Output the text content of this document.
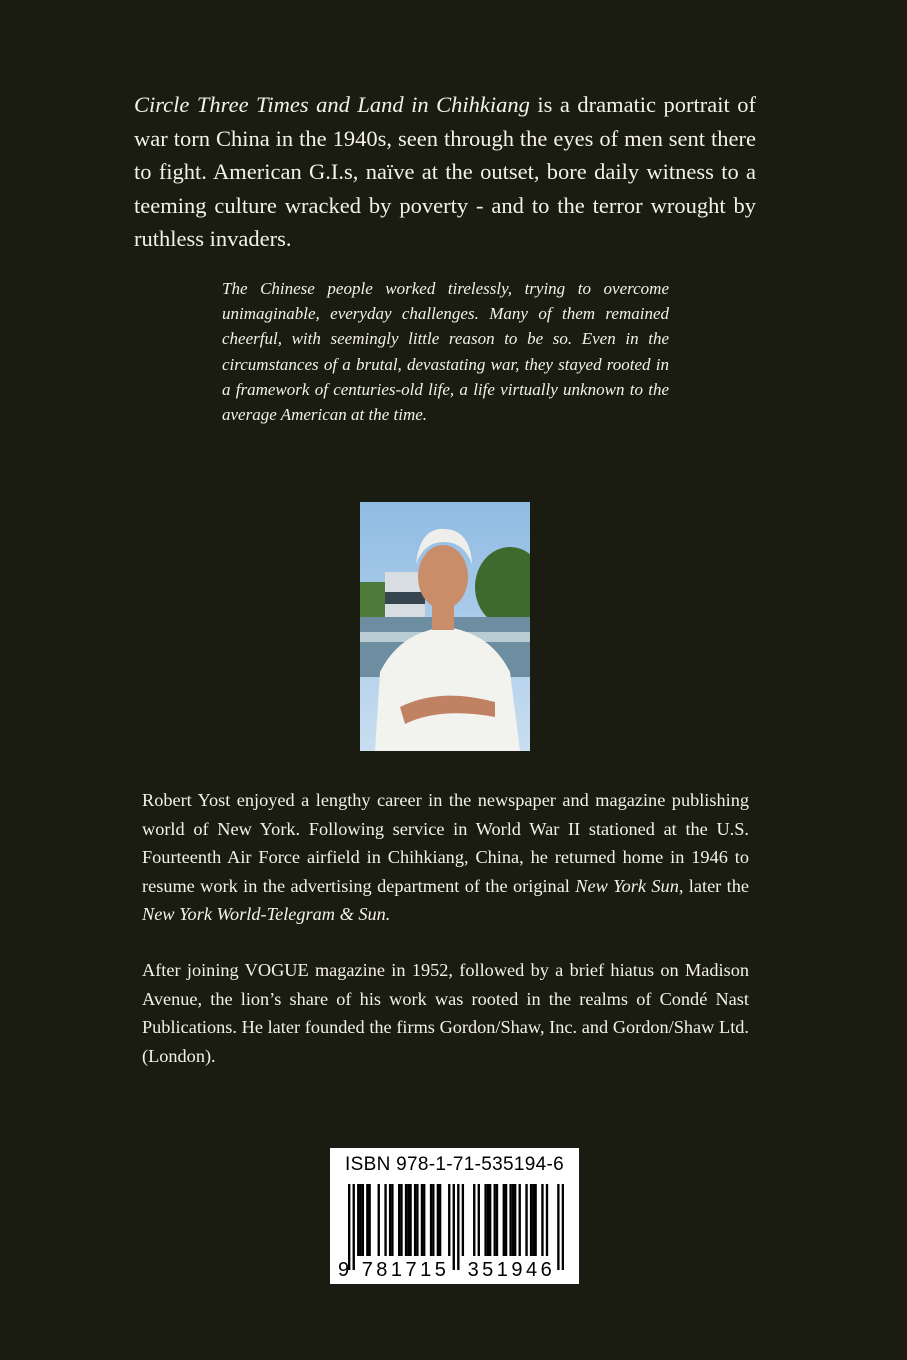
Circle Three Times and Land in Chihkiang is a dramatic portrait of war torn China in the 1940s, seen through the eyes of men sent there to fight. American G.I.s, naïve at the outset, bore daily witness to a teeming culture wracked by poverty - and to the terror wrought by ruthless invaders.
The Chinese people worked tirelessly, trying to overcome unimaginable, everyday challenges. Many of them remained cheerful, with seemingly little reason to be so. Even in the circumstances of a brutal, devastating war, they stayed rooted in a framework of centuries-old life, a life virtually unknown to the average American at the time.
Robert Yost enjoyed a lengthy career in the newspaper and magazine publishing world of New York. Following service in World War II stationed at the U.S. Fourteenth Air Force airfield in Chihkiang, China, he returned home in 1946 to resume work in the advertising department of the original New York Sun, later the New York World-Telegram & Sun.
After joining VOGUE magazine in 1952, followed by a brief hiatus on Madison Avenue, the lion’s share of his work was rooted in the realms of Condé Nast Publications. He later founded the firms Gordon/Shaw, Inc. and Gordon/Shaw Ltd. (London).
ISBN 978-1-71-535194-6
9 781715 351946
